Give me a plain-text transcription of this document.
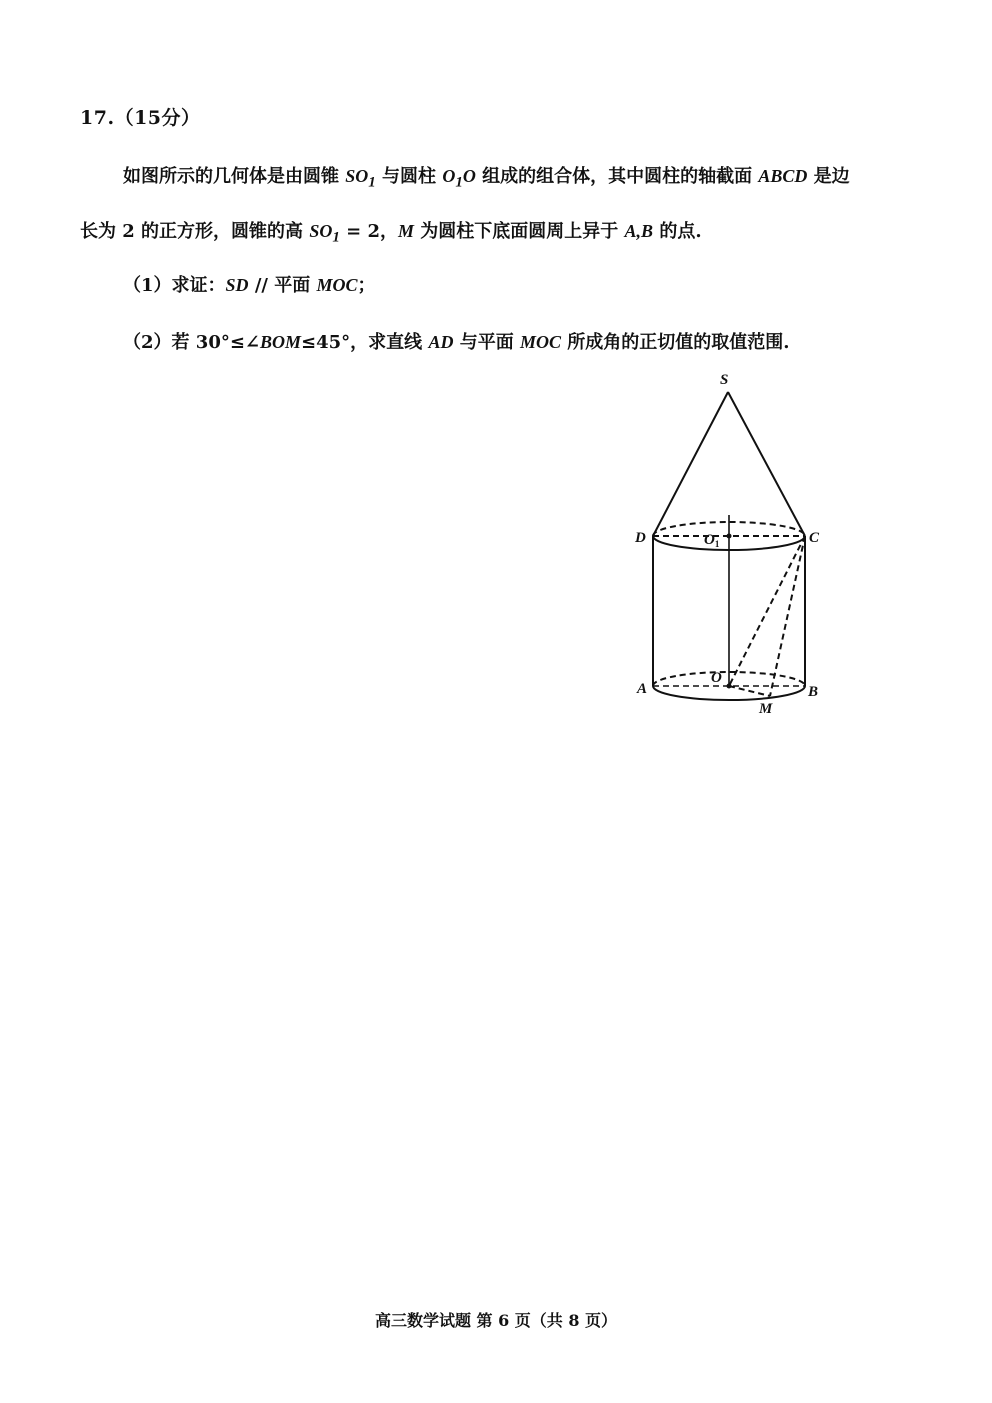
17.（15分）
如图所示的几何体是由圆锥 $SO_1$ 与圆柱 $O_1O$ 组成的组合体，其中圆柱的轴截面 ABCD 是边
长为 2 的正方形，圆锥的高 $SO_1 = 2$，M 为圆柱下底面圆周上异于 A,B 的点.
（1）求证：SD // 平面 MOC；
（2）若 30°≤∠BOM≤45°，求直线 AD 与平面 MOC 所成角的正切值的取值范围.
S
D	C
$O_1$
O
A	B
M
高三数学试题 第 6 页（共 8 页）
